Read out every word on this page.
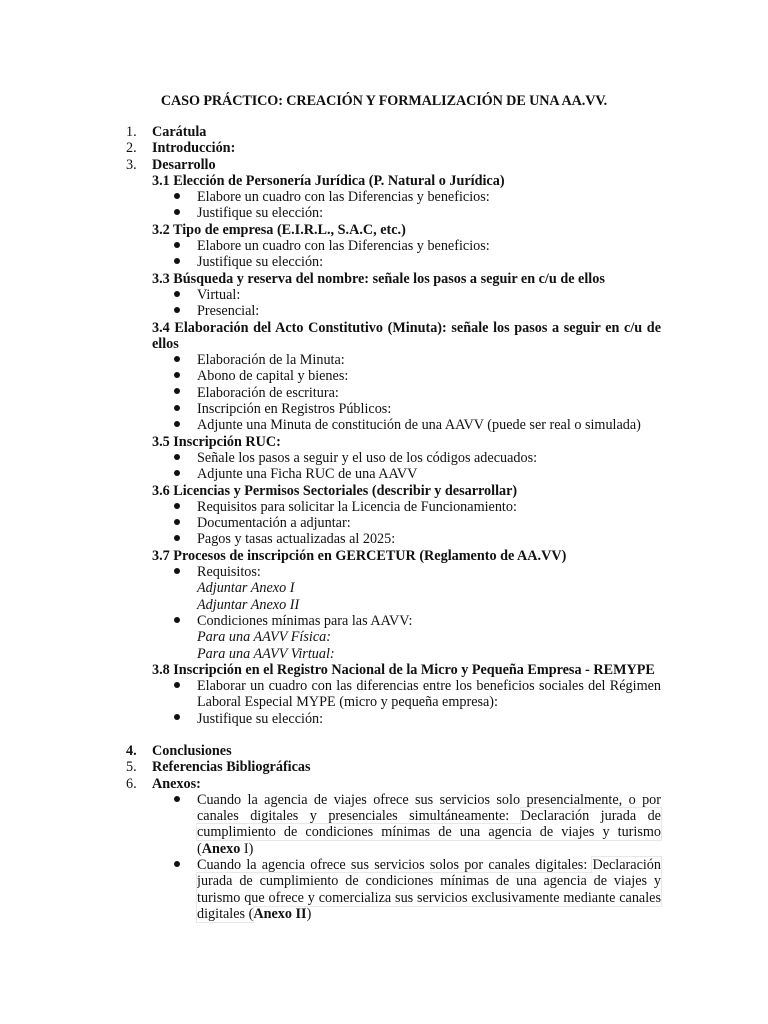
CASO PRÁCTICO: CREACIÓN Y FORMALIZACIÓN DE UNA AA.VV.
1.	Carátula
2.	Introducción:
3.	Desarrollo
3.1 Elección de Personería Jurídica (P. Natural o Jurídica)
Elabore un cuadro con las Diferencias y beneficios:
Justifique su elección:
3.2 Tipo de empresa (E.I.R.L., S.A.C, etc.)
Elabore un cuadro con las Diferencias y beneficios:
Justifique su elección:
3.3 Búsqueda y reserva del nombre: señale los pasos a seguir en c/u de ellos
Virtual:
Presencial:
3.4 Elaboración del Acto Constitutivo (Minuta): señale los pasos a seguir en c/u de ellos
Elaboración de la Minuta:
Abono de capital y bienes:
Elaboración de escritura:
Inscripción en Registros Públicos:
Adjunte una Minuta de constitución de una AAVV (puede ser real o simulada)
3.5 Inscripción RUC:
Señale los pasos a seguir y el uso de los códigos adecuados:
Adjunte una Ficha RUC de una AAVV
3.6 Licencias y Permisos Sectoriales (describir y desarrollar)
Requisitos para solicitar la Licencia de Funcionamiento:
Documentación a adjuntar:
Pagos y tasas actualizadas al 2025:
3.7 Procesos de inscripción en GERCETUR (Reglamento de AA.VV)
Requisitos:
Adjuntar Anexo I
Adjuntar Anexo II
Condiciones mínimas para las AAVV:
Para una AAVV Física:
Para una AAVV Virtual:
3.8 Inscripción en el Registro Nacional de la Micro y Pequeña Empresa - REMYPE
Elaborar un cuadro con las diferencias entre los beneficios sociales del Régimen Laboral Especial MYPE (micro y pequeña empresa):
Justifique su elección:
4.	Conclusiones
5.	Referencias Bibliográficas
6.	Anexos:
Cuando la agencia de viajes ofrece sus servicios solo presencialmente, o por canales digitales y presenciales simultáneamente: Declaración jurada de cumplimiento de condiciones mínimas de una agencia de viajes y turismo (Anexo I)
Cuando la agencia ofrece sus servicios solos por canales digitales: Declaración jurada de cumplimiento de condiciones mínimas de una agencia de viajes y turismo que ofrece y comercializa sus servicios exclusivamente mediante canales digitales (Anexo II)
